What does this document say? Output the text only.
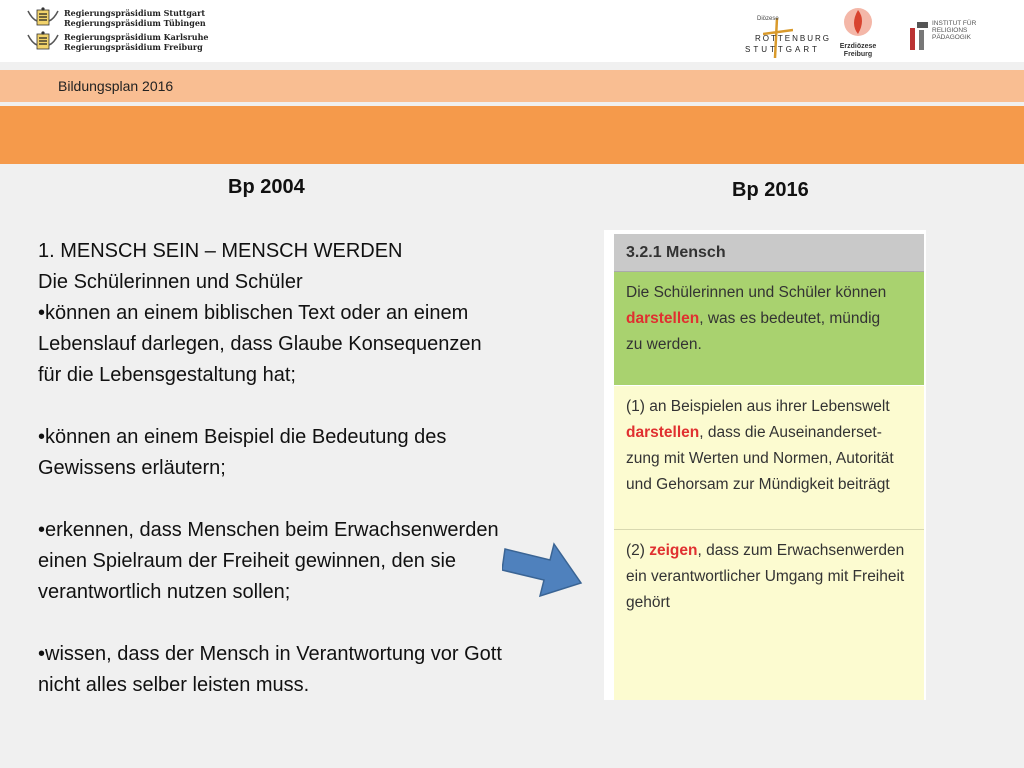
Regierungspräsidium Stuttgart
Regierungspräsidium Tübingen
Regierungspräsidium Karlsruhe
Regierungspräsidium Freiburg
Diözese
ROTTENBURG
STUTTGART	Erzdiözese
Freiburg
INSTITUT FÜR
RELIGIONS
PÄDAGOGIK
Bildungsplan 2016
Bp 2004	Bp 2016

1. MENSCH SEIN – MENSCH WERDEN

Die Schülerinnen und Schüler

•können an einem biblischen Text oder an einem Lebenslauf darlegen, dass Glaube Konsequenzen für die Lebensgestaltung hat;

•können an einem Beispiel die Bedeutung des Gewissens erläutern;

•erkennen, dass Menschen beim Erwachsenwerden einen Spielraum der Freiheit gewinnen, den sie verantwortlich nutzen sollen;

•wissen, dass der Mensch in Verantwortung vor Gott nicht alles selber leisten muss.

3.2.1 Mensch
Die Schülerinnen und Schüler können
darstellen, was es bedeutet, mündig
zu werden.
(1) an Beispielen aus ihrer Lebenswelt
darstellen, dass die Auseinanderset-
zung mit Werten und Normen, Autorität
und Gehorsam zur Mündigkeit beiträgt
(2) zeigen, dass zum Erwachsenwerden
ein verantwortlicher Umgang mit Freiheit
gehört
